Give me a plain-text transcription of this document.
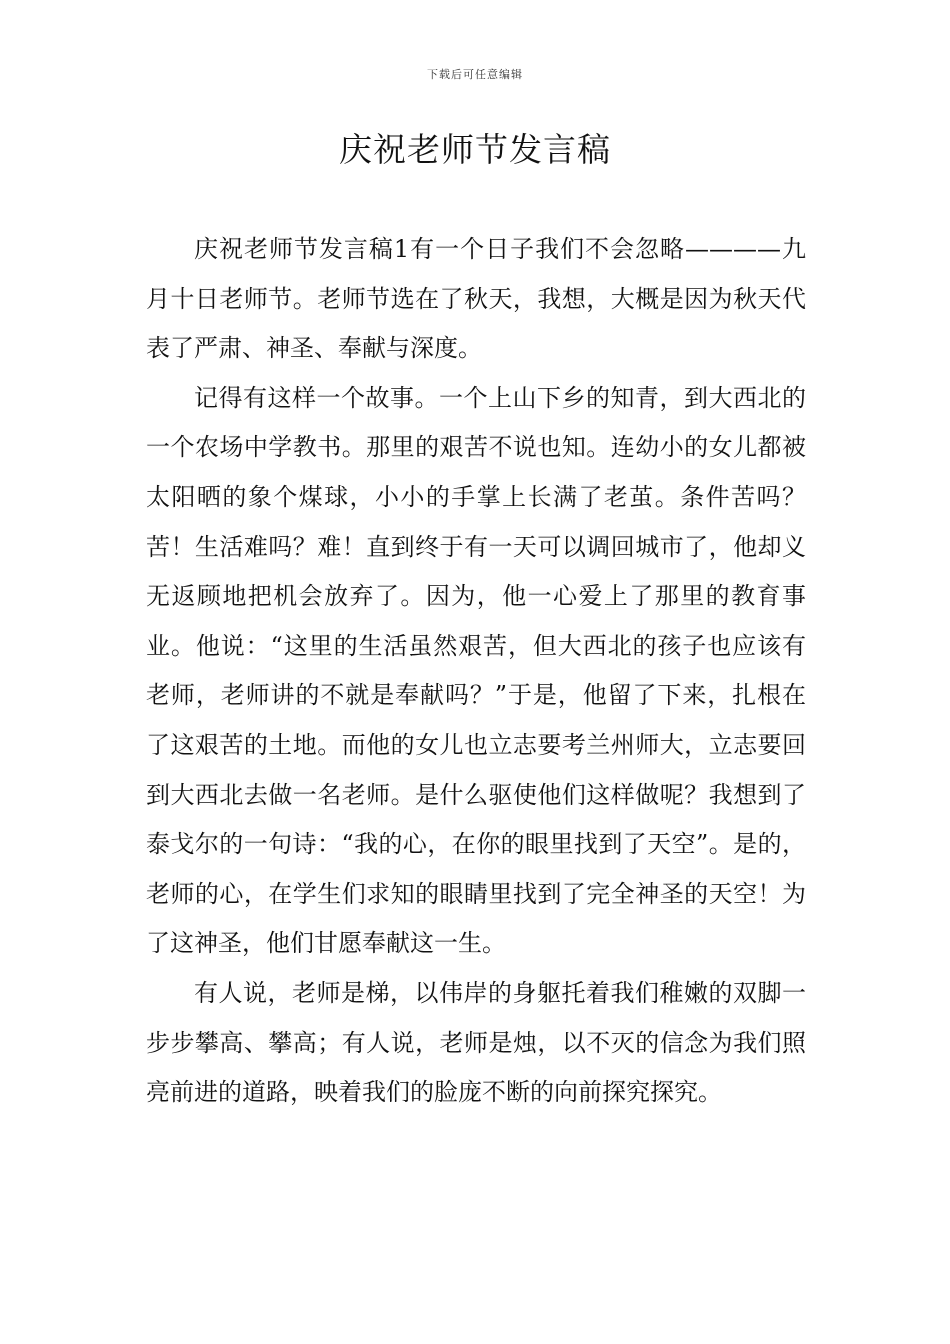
下载后可任意编辑
庆祝老师节发言稿

庆祝老师节发言稿1有一个日子我们不会忽略————九月十日老师节。老师节选在了秋天，我想，大概是因为秋天代表了严肃、神圣、奉献与深度。

记得有这样一个故事。一个上山下乡的知青，到大西北的一个农场中学教书。那里的艰苦不说也知。连幼小的女儿都被太阳晒的象个煤球，小小的手掌上长满了老茧。条件苦吗？苦！生活难吗？难！直到终于有一天可以调回城市了，他却义无返顾地把机会放弃了。因为，他一心爱上了那里的教育事业。他说：“这里的生活虽然艰苦，但大西北的孩子也应该有老师，老师讲的不就是奉献吗？”于是，他留了下来，扎根在了这艰苦的土地。而他的女儿也立志要考兰州师大，立志要回到大西北去做一名老师。是什么驱使他们这样做呢？我想到了泰戈尔的一句诗：“我的心，在你的眼里找到了天空”。是的，老师的心，在学生们求知的眼睛里找到了完全神圣的天空！为了这神圣，他们甘愿奉献这一生。

有人说，老师是梯，以伟岸的身躯托着我们稚嫩的双脚一步步攀高、攀高；有人说，老师是烛，以不灭的信念为我们照亮前进的道路，映着我们的脸庞不断的向前探究探究。
